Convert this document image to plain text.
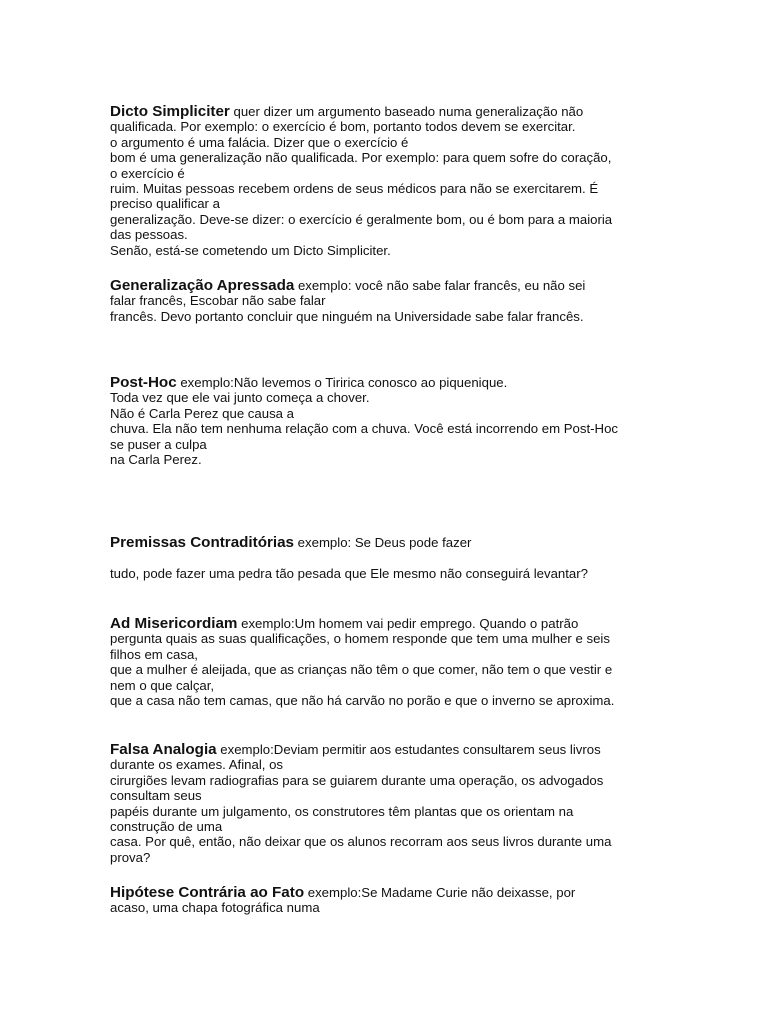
Dicto Simpliciter quer dizer um argumento baseado numa generalização não
qualificada. Por exemplo: o exercício é bom, portanto todos devem se exercitar.
o argumento é uma falácia. Dizer que o exercício é
bom é uma generalização não qualificada. Por exemplo: para quem sofre do coração,
o exercício é
ruim. Muitas pessoas recebem ordens de seus médicos para não se exercitarem. É
preciso qualificar a
generalização. Deve-se dizer: o exercício é geralmente bom, ou é bom para a maioria
das pessoas.
Senão, está-se cometendo um Dicto Simpliciter.
Generalização Apressada exemplo: você não sabe falar francês, eu não sei
falar francês, Escobar não sabe falar
francês. Devo portanto concluir que ninguém na Universidade sabe falar francês.
Post-Hoc exemplo:Não levemos o Tiririca conosco ao piquenique.
Toda vez que ele vai junto começa a chover.
Não é Carla Perez que causa a
chuva. Ela não tem nenhuma relação com a chuva. Você está incorrendo em Post-Hoc
se puser a culpa
na Carla Perez.
Premissas Contraditórias exemplo: Se Deus pode fazer

tudo, pode fazer uma pedra tão pesada que Ele mesmo não conseguirá levantar?
Ad Misericordiam exemplo:Um homem vai pedir emprego. Quando o patrão
pergunta quais as suas qualificações, o homem responde que tem uma mulher e seis
filhos em casa,
que a mulher é aleijada, que as crianças não têm o que comer, não tem o que vestir e
nem o que calçar,
que a casa não tem camas, que não há carvão no porão e que o inverno se aproxima.
Falsa Analogia exemplo:Deviam permitir aos estudantes consultarem seus livros
durante os exames. Afinal, os
cirurgiões levam radiografias para se guiarem durante uma operação, os advogados
consultam seus
papéis durante um julgamento, os construtores têm plantas que os orientam na
construção de uma
casa. Por quê, então, não deixar que os alunos recorram aos seus livros durante uma
prova?
Hipótese Contrária ao Fato exemplo:Se Madame Curie não deixasse, por
acaso, uma chapa fotográfica numa
